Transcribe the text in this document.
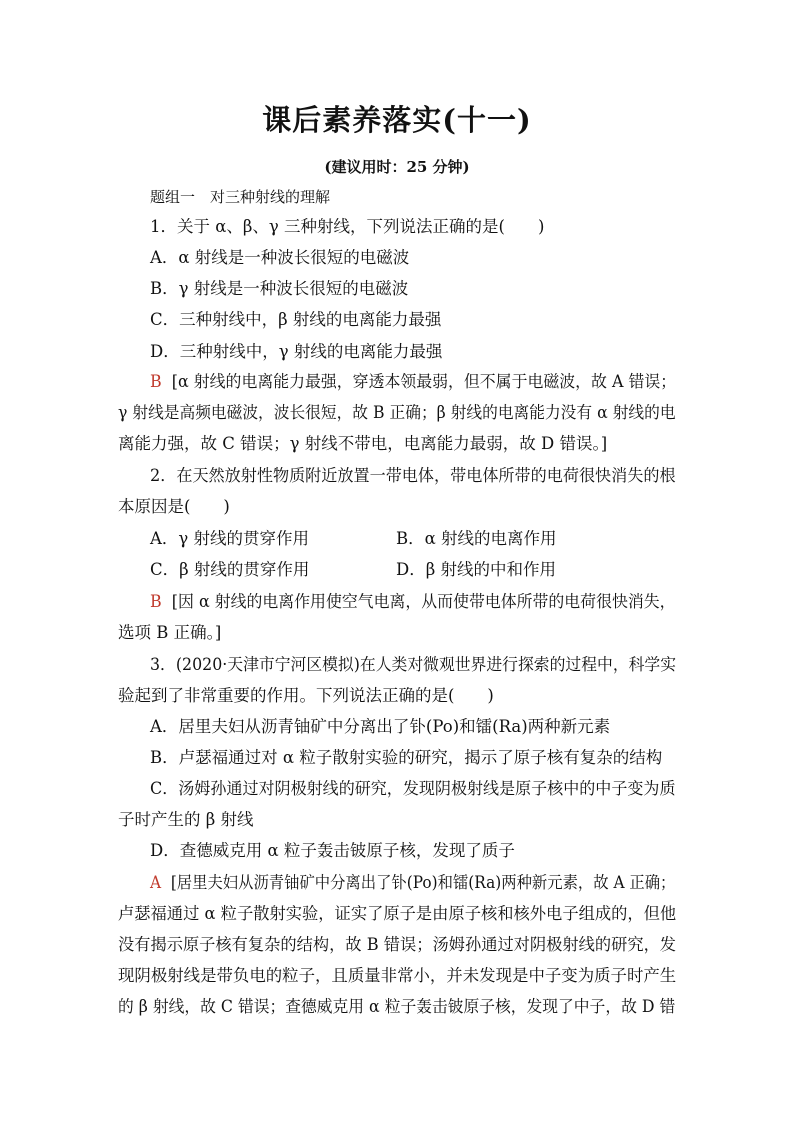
课后素养落实(十一)
(建议用时：25 分钟)
题组一　对三种射线的理解
1．关于 α、β、γ 三种射线，下列说法正确的是(　　)
A．α 射线是一种波长很短的电磁波
B．γ 射线是一种波长很短的电磁波
C．三种射线中，β 射线的电离能力最强
D．三种射线中，γ 射线的电离能力最强
B [α 射线的电离能力最强，穿透本领最弱，但不属于电磁波，故 A 错误；
γ 射线是高频电磁波，波长很短，故 B 正确；β 射线的电离能力没有 α 射线的电
离能力强，故 C 错误；γ 射线不带电，电离能力最弱，故 D 错误。]
2．在天然放射性物质附近放置一带电体，带电体所带的电荷很快消失的根
本原因是(　　)
A．γ 射线的贯穿作用	B．α 射线的电离作用
C．β 射线的贯穿作用	D．β 射线的中和作用
B [因 α 射线的电离作用使空气电离，从而使带电体所带的电荷很快消失，
选项 B 正确。]
3．(2020·天津市宁河区模拟)在人类对微观世界进行探索的过程中，科学实
验起到了非常重要的作用。下列说法正确的是(　　)
A．居里夫妇从沥青铀矿中分离出了钋(Po)和镭(Ra)两种新元素
B．卢瑟福通过对 α 粒子散射实验的研究，揭示了原子核有复杂的结构
C．汤姆孙通过对阴极射线的研究，发现阴极射线是原子核中的中子变为质
子时产生的 β 射线
D．查德威克用 α 粒子轰击铍原子核，发现了质子
A [居里夫妇从沥青铀矿中分离出了钋(Po)和镭(Ra)两种新元素，故 A 正确；
卢瑟福通过 α 粒子散射实验，证实了原子是由原子核和核外电子组成的，但他
没有揭示原子核有复杂的结构，故 B 错误；汤姆孙通过对阴极射线的研究，发
现阴极射线是带负电的粒子，且质量非常小，并未发现是中子变为质子时产生
的 β 射线，故 C 错误；查德威克用 α 粒子轰击铍原子核，发现了中子，故 D 错
